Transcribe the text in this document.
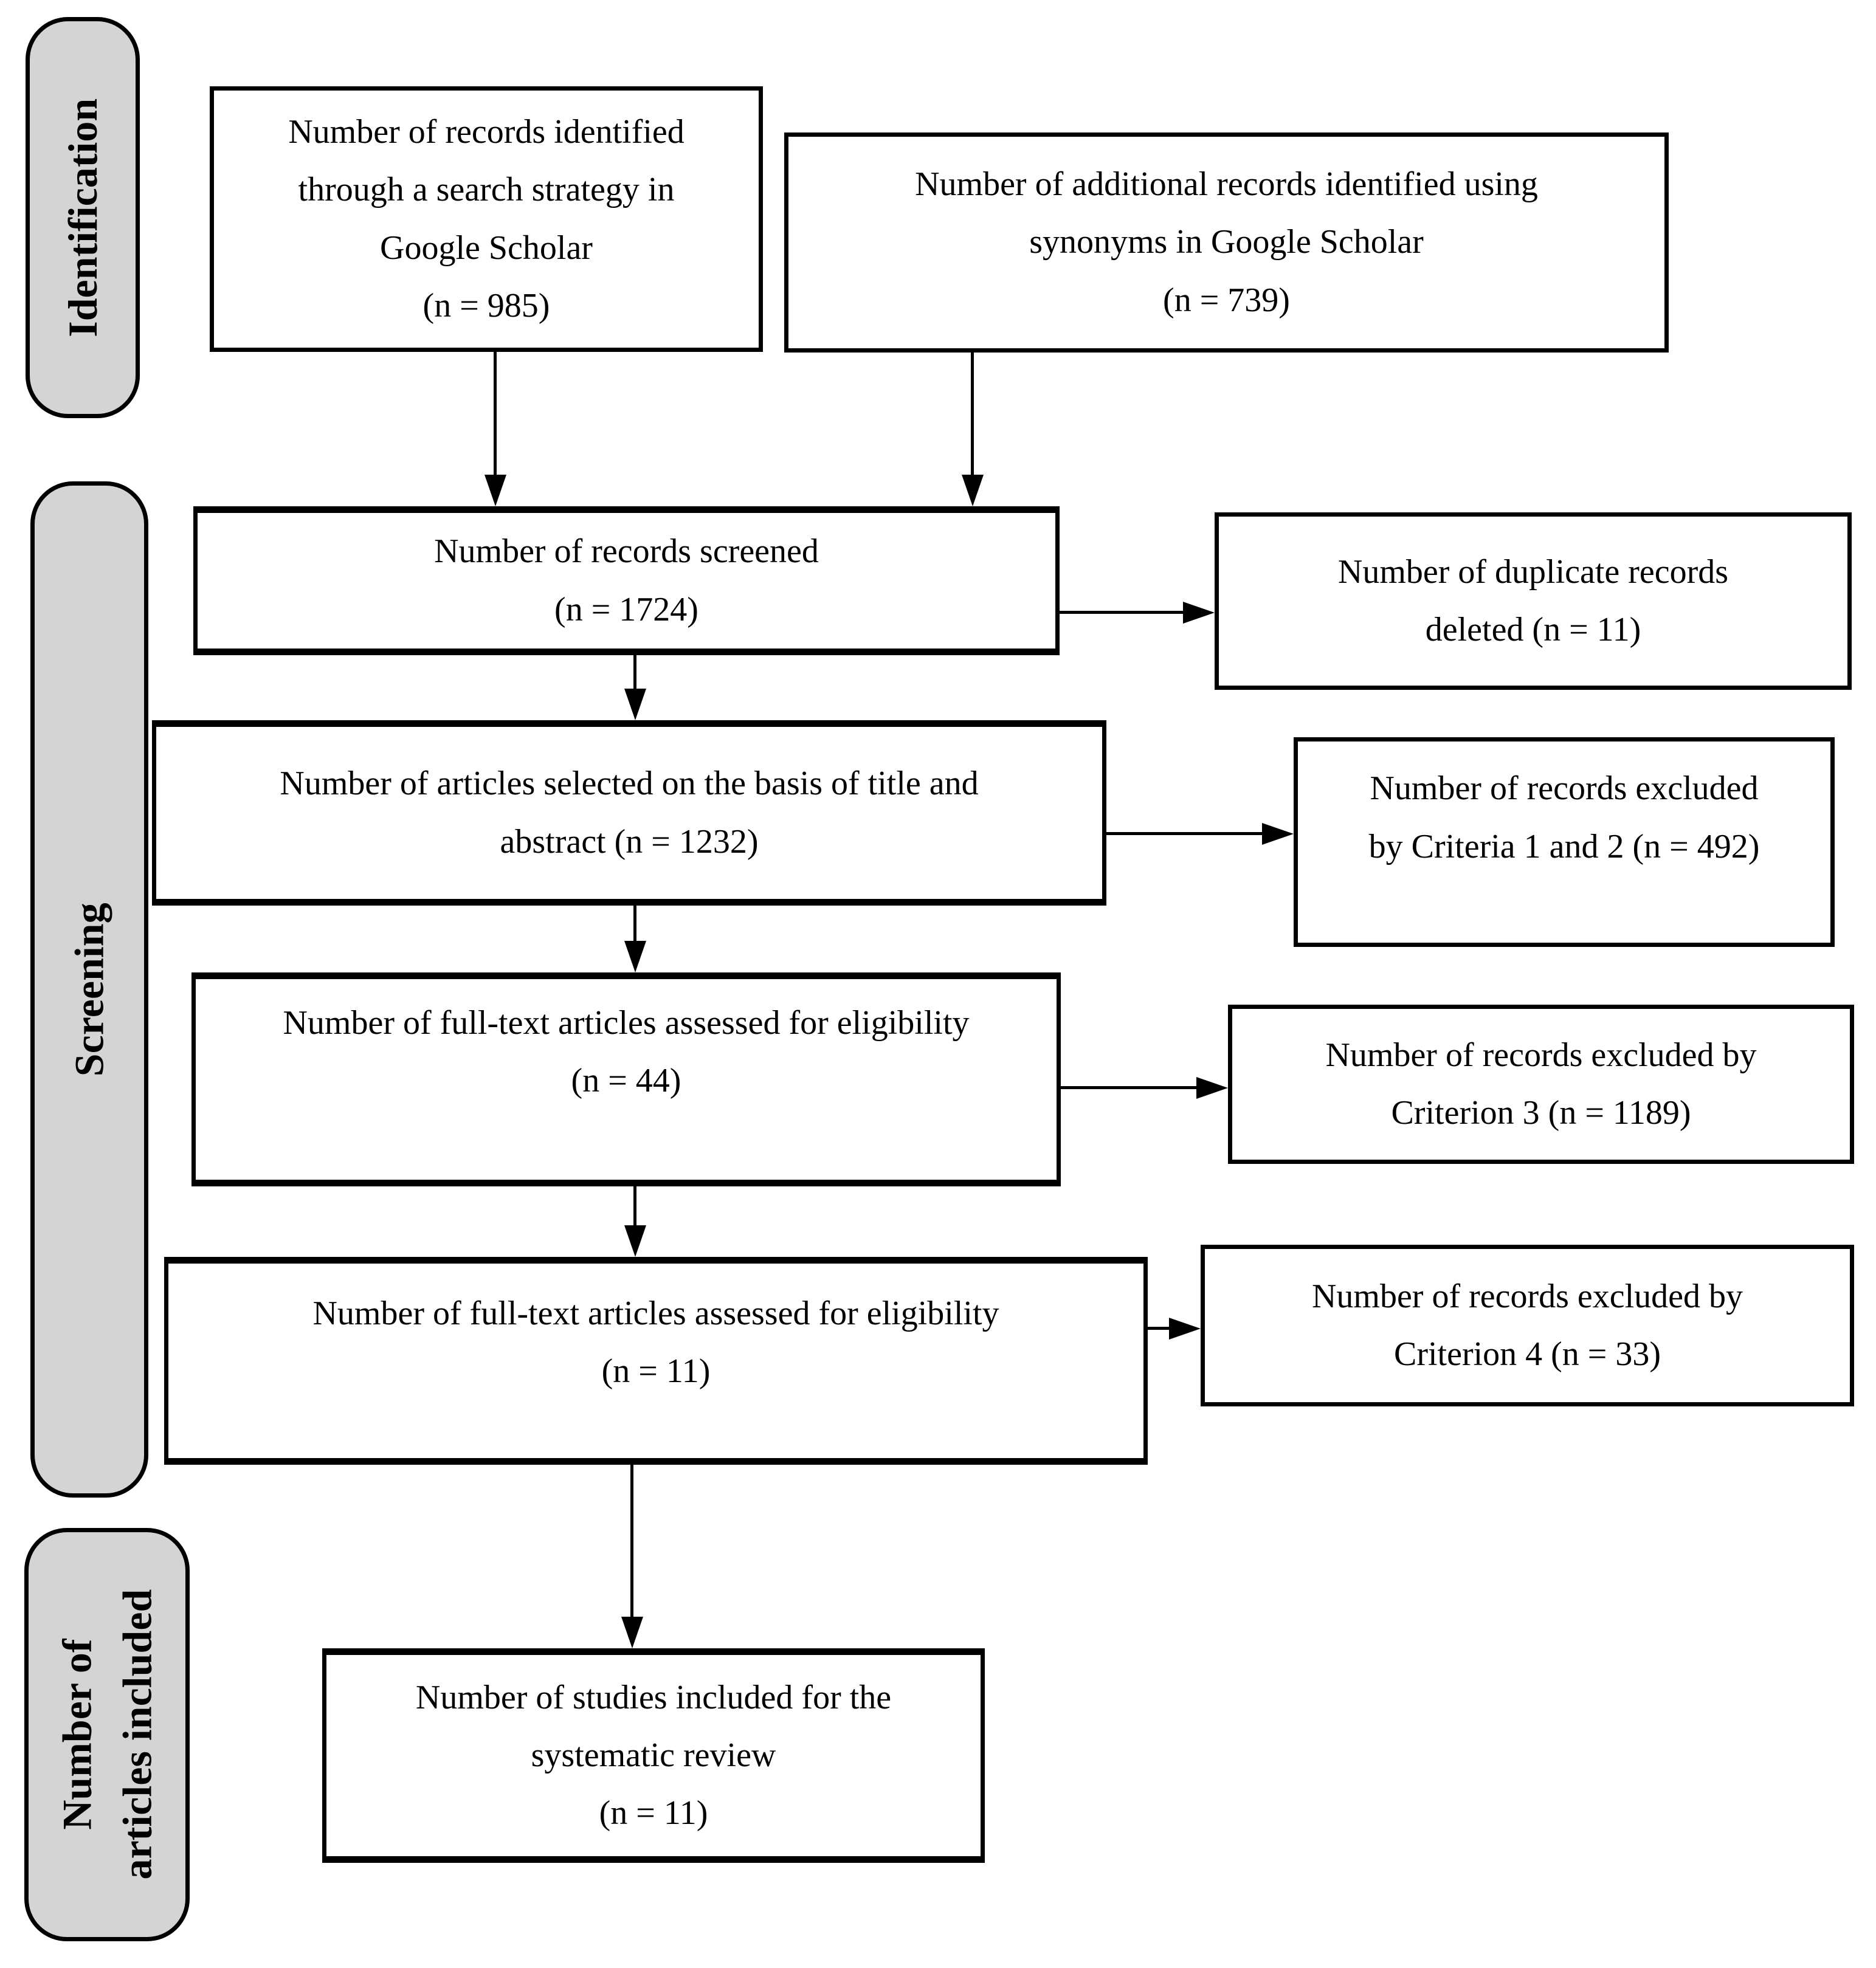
Identification
Screening
Number of articles included
Number of records identified
through a search strategy in
Google Scholar
(n = 985)
Number of additional records identified using
synonyms in Google Scholar
(n = 739)
Number of records screened
(n = 1724)
Number of duplicate records
deleted (n = 11)
Number of articles selected on the basis of title and
abstract (n = 1232)
Number of records excluded
by Criteria 1 and 2 (n = 492)
Number of full-text articles assessed for eligibility
(n = 44)
Number of records excluded by
Criterion 3 (n = 1189)
Number of full-text articles assessed for eligibility
(n = 11)
Number of records excluded by
Criterion 4 (n = 33)
Number of studies included for the
systematic review
(n = 11)
